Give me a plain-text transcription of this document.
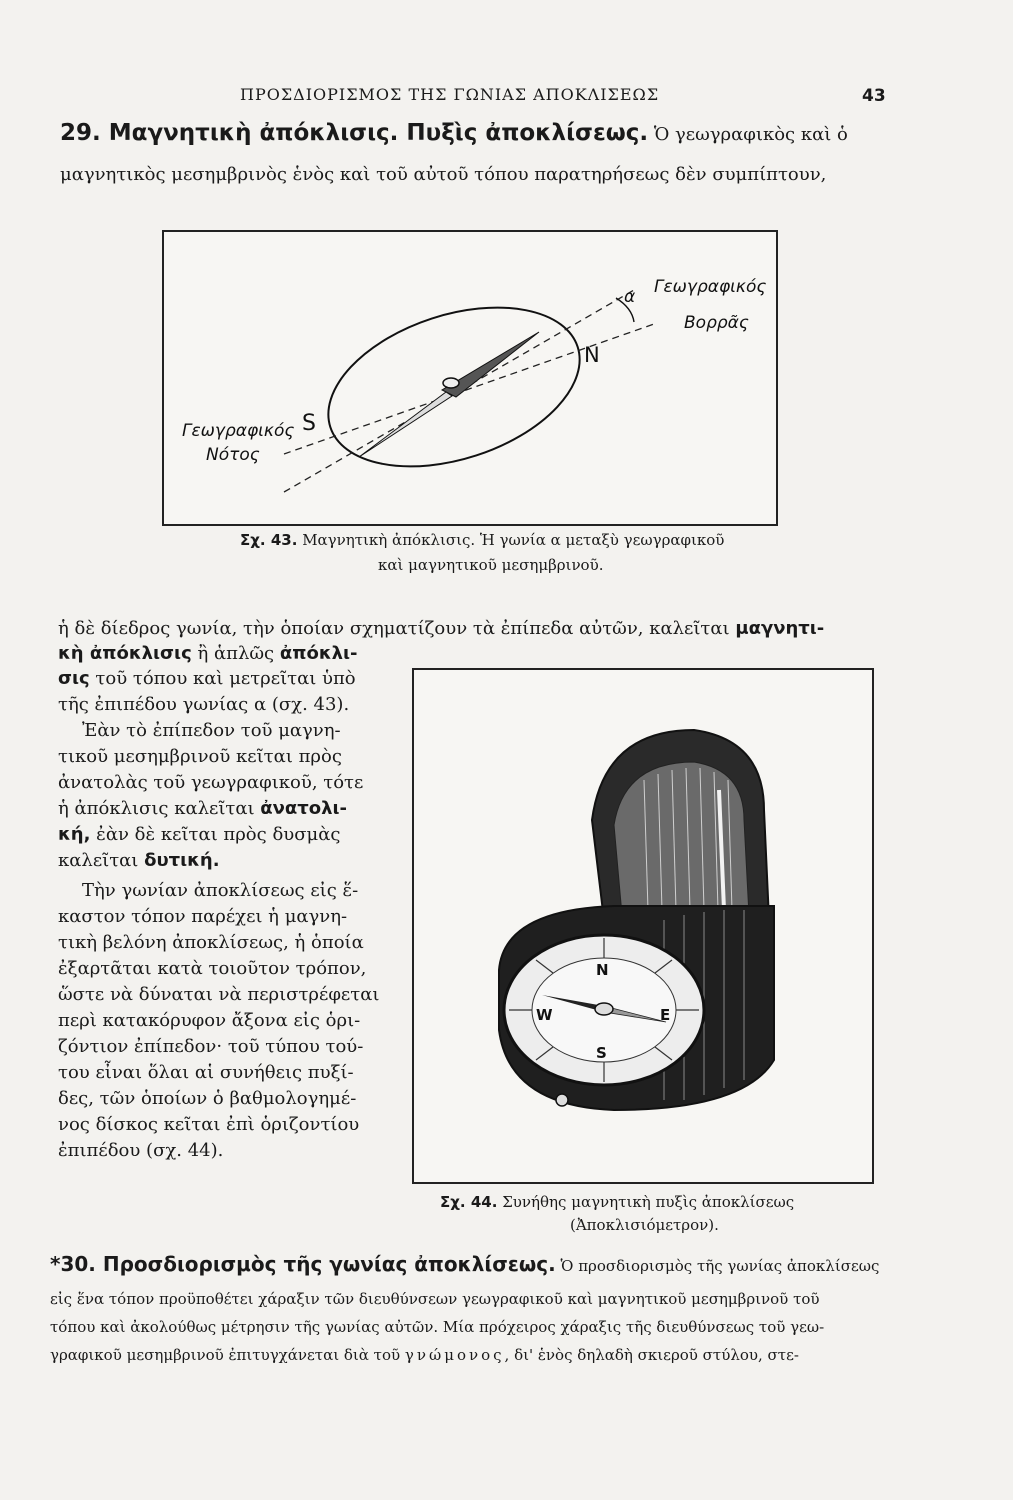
ΠΡΟΣΔΙΟΡΙΣΜΟΣ ΤΗΣ ΓΩΝΙΑΣ ΑΠΟΚΛΙΣΕΩΣ	43
29. Μαγνητικὴ ἀπόκλισις. Πυξὶς ἀποκλίσεως. Ὁ γεωγραφικὸς καὶ ὁ
μαγνητικὸς μεσημβρινὸς ἑνὸς καὶ τοῦ αὐτοῦ τόπου παρατηρήσεως δὲν συμπίπτουν,
α Γεωγραφικός
Βορρᾶς
N
S
Γεωγραφικός
Νότος
Σχ. 43. Μαγνητικὴ ἀπόκλισις. Ἡ γωνία α μεταξὺ γεωγραφικοῦ
καὶ μαγνητικοῦ μεσημβρινοῦ.
ἡ δὲ δίεδρος γωνία, τὴν ὁποίαν σχηματίζουν τὰ ἐπίπεδα αὐτῶν, καλεῖται μαγνητι-
κὴ ἀπόκλισις ἢ ἁπλῶς ἀπόκλι-
σις τοῦ τόπου καὶ μετρεῖται ὑπὸ
τῆς ἐπιπέδου γωνίας α (σχ. 43).
Ἐὰν τὸ ἐπίπεδον τοῦ μαγνη-
τικοῦ μεσημβρινοῦ κεῖται πρὸς
ἀνατολὰς τοῦ γεωγραφικοῦ, τότε
ἡ ἀπόκλισις καλεῖται ἀνατολι-
κή, ἐὰν δὲ κεῖται πρὸς δυσμὰς
καλεῖται δυτική.
Τὴν γωνίαν ἀποκλίσεως εἰς ἕ-
καστον τόπον παρέχει ἡ μαγνη-
τικὴ βελόνη ἀποκλίσεως, ἡ ὁποία
ἐξαρτᾶται κατὰ τοιοῦτον τρόπον,
ὥστε νὰ δύναται νὰ περιστρέφεται
περὶ κατακόρυφον ἄξονα εἰς ὁρι-
ζόντιον ἐπίπεδον· τοῦ τύπου τού-
του εἶναι ὅλαι αἱ συνήθεις πυξί-
δες, τῶν ὁποίων ὁ βαθμολογημέ-
νος δίσκος κεῖται ἐπὶ ὁριζοντίου
ἐπιπέδου (σχ. 44).
N
E
S
W
Σχ. 44. Συνήθης μαγνητικὴ πυξὶς ἀποκλίσεως
(Ἀποκλισιόμετρον).
*30. Προσδιορισμὸς τῆς γωνίας ἀποκλίσεως. Ὁ προσδιορισμὸς τῆς γωνίας ἀποκλίσεως
εἰς ἕνα τόπον προϋποθέτει χάραξιν τῶν διευθύνσεων γεωγραφικοῦ καὶ μαγνητικοῦ μεσημβρινοῦ τοῦ
τόπου καὶ ἀκολούθως μέτρησιν τῆς γωνίας αὐτῶν. Μία πρόχειρος χάραξις τῆς διευθύνσεως τοῦ γεω-
γραφικοῦ μεσημβρινοῦ ἐπιτυγχάνεται διὰ τοῦ γνώμονος, δι' ἑνὸς δηλαδὴ σκιεροῦ στύλου, στε-
